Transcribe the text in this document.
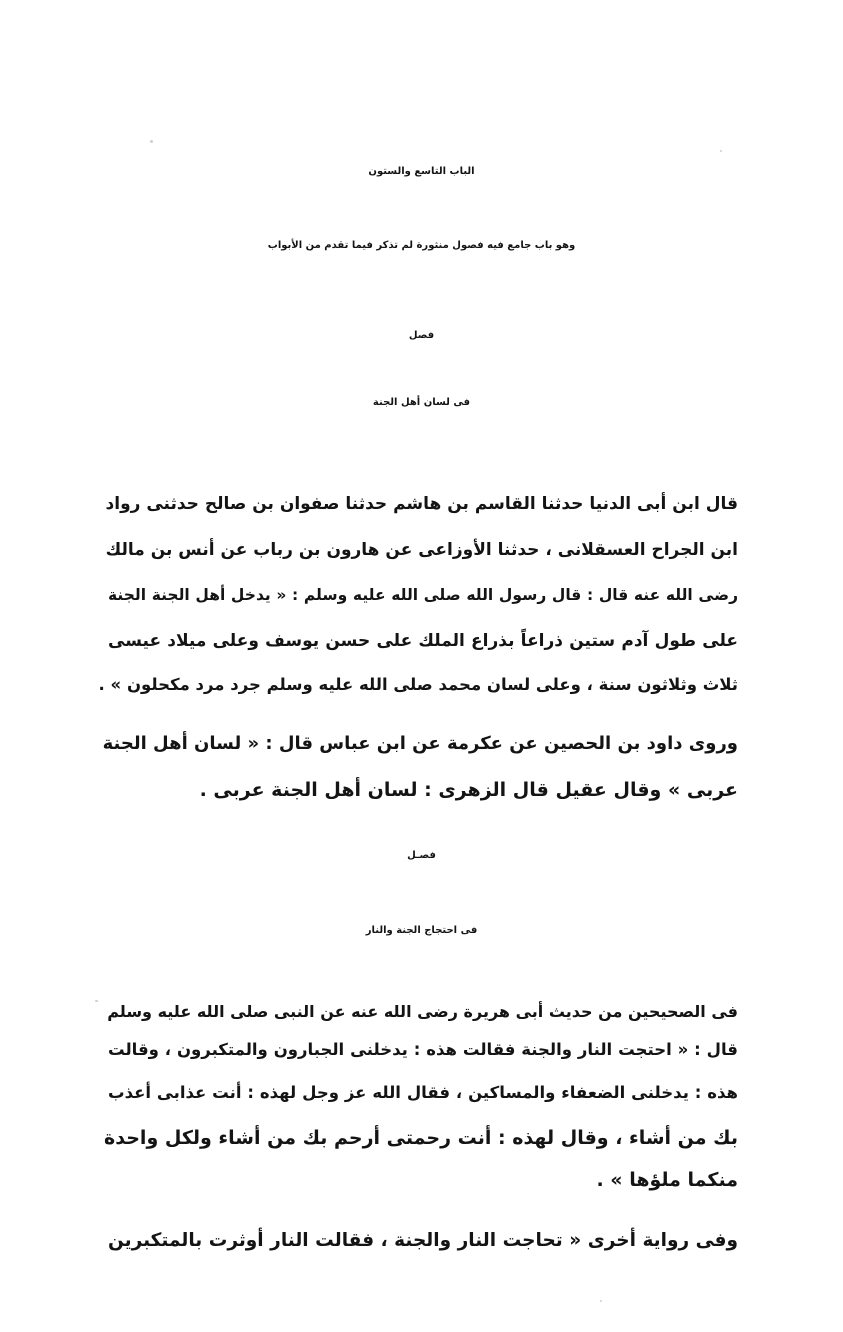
الباب التاسع والستون
وهو باب جامع فيه فصول منثورة لم تذكر فيما تقدم من الأبواب
فصل
فى لسان أهل الجنة
قال ابن أبى الدنيا حدثنا القاسم بن هاشم حدثنا صفوان بن صالح حدثنى رواد
ابن الجراح العسقلانى ، حدثنا الأوزاعى عن هارون بن رباب عن أنس بن مالك
رضى الله عنه قال : قال رسول الله صلى الله عليه وسلم : « يدخل أهل الجنة الجنة
على طول آدم ستين ذراعاً بذراع الملك على حسن يوسف وعلى ميلاد عيسى
ثلاث وثلاثون سنة ، وعلى لسان محمد صلى الله عليه وسلم جرد مرد مكحلون » .
وروى داود بن الحصين عن عكرمة عن ابن عباس قال : « لسان أهل الجنة
عربى » وقال عقيل قال الزهرى : لسان أهل الجنة عربى .
فصـل
فى احتجاج الجنة والنار
فى الصحيحين من حديث أبى هريرة رضى الله عنه عن النبى صلى الله عليه وسلم
قال : « احتجت النار والجنة فقالت هذه : يدخلنى الجبارون والمتكبرون ، وقالت
هذه : يدخلنى الضعفاء والمساكين ، فقال الله عز وجل لهذه : أنت عذابى أعذب
بك من أشاء ، وقال لهذه : أنت رحمتى أرحم بك من أشاء ولكل واحدة
منكما ملؤها » .
وفى رواية أخرى « تحاجت النار والجنة ، فقالت النار أوثرت بالمتكبرين
